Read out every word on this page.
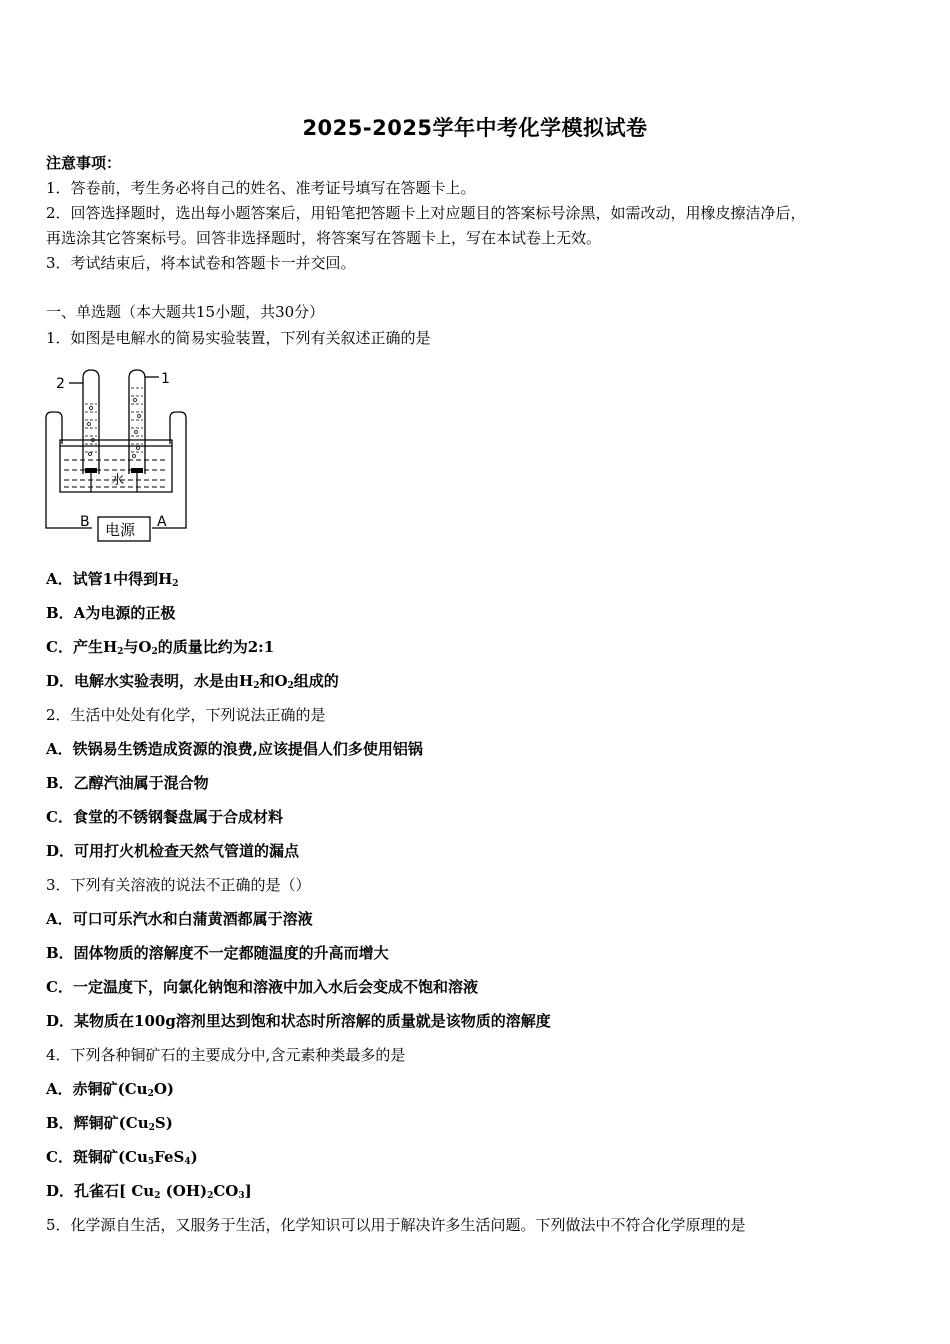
2025-2025学年中考化学模拟试卷
注意事项：
1．答卷前，考生务必将自己的姓名、准考证号填写在答题卡上。
2．回答选择题时，选出每小题答案后，用铅笔把答题卡上对应题目的答案标号涂黑，如需改动，用橡皮擦洁净后，
再选涂其它答案标号。回答非选择题时，将答案写在答题卡上，写在本试卷上无效。
3．考试结束后，将本试卷和答题卡一并交回。
一、单选题（本大题共15小题，共30分）
1．如图是电解水的简易实验装置，下列有关叙述正确的是
2	1
水
B	A
电源
A．试管1中得到$H_2$
B．A为电源的正极
C．产生$H_2$与$O_2$的质量比约为2:1
D．电解水实验表明，水是由$H_2$和$O_2$组成的
2．生活中处处有化学，下列说法正确的是
A．铁锅易生锈造成资源的浪费,应该提倡人们多使用铝锅
B．乙醇汽油属于混合物
C．食堂的不锈钢餐盘属于合成材料
D．可用打火机检查天然气管道的漏点
3．下列有关溶液的说法不正确的是（）
A．可口可乐汽水和白蒲黄酒都属于溶液
B．固体物质的溶解度不一定都随温度的升高而增大
C．一定温度下，向氯化钠饱和溶液中加入水后会变成不饱和溶液
D．某物质在100g溶剂里达到饱和状态时所溶解的质量就是该物质的溶解度
4．下列各种铜矿石的主要成分中,含元素种类最多的是
A．赤铜矿$(Cu_2O)$
B．辉铜矿$(Cu_2S)$
C．斑铜矿$(Cu_5FeS_4)$
D．孔雀石[ $Cu_2$ $(OH)_2CO_3$]
5．化学源自生活，又服务于生活，化学知识可以用于解决许多生活问题。下列做法中不符合化学原理的是
